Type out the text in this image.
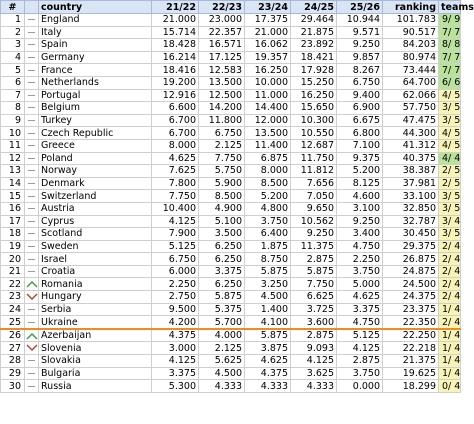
#		country	21/22	22/23	23/24	24/25	25/26	ranking	teams
1		England	21.000	23.000	17.375	29.464	10.944	101.783	9/ 9
2		Italy	15.714	22.357	21.000	21.875	9.571	90.517	7/ 7
3		Spain	18.428	16.571	16.062	23.892	9.250	84.203	8/ 8
4		Germany	16.214	17.125	19.357	18.421	9.857	80.974	7/ 7
5		France	18.416	12.583	16.250	17.928	8.267	73.444	7/ 7
6		Netherlands	19.200	13.500	10.000	15.250	6.750	64.700	6/ 6
7		Portugal	12.916	12.500	11.000	16.250	9.400	62.066	4/ 5
8		Belgium	6.600	14.200	14.400	15.650	6.900	57.750	3/ 5
9		Turkey	6.700	11.800	12.000	10.300	6.675	47.475	3/ 5
10		Czech Republic	6.700	6.750	13.500	10.550	6.800	44.300	4/ 5
11		Greece	8.000	2.125	11.400	12.687	7.100	41.312	4/ 5
12		Poland	4.625	7.750	6.875	11.750	9.375	40.375	4/ 4
13		Norway	7.625	5.750	8.000	11.812	5.200	38.387	2/ 5
14		Denmark	7.800	5.900	8.500	7.656	8.125	37.981	2/ 5
15		Switzerland	7.750	8.500	5.200	7.050	4.600	33.100	3/ 5
16		Austria	10.400	4.900	4.800	9.650	3.100	32.850	3/ 5
17		Cyprus	4.125	5.100	3.750	10.562	9.250	32.787	3/ 4
18		Scotland	7.900	3.500	6.400	9.250	3.400	30.450	3/ 5
19		Sweden	5.125	6.250	1.875	11.375	4.750	29.375	2/ 4
20		Israel	6.750	6.250	8.750	2.875	2.250	26.875	2/ 4
21		Croatia	6.000	3.375	5.875	5.875	3.750	24.875	2/ 4
22		Romania	2.250	6.250	3.250	7.750	5.000	24.500	2/ 4
23		Hungary	2.750	5.875	4.500	6.625	4.625	24.375	2/ 4
24		Serbia	9.500	5.375	1.400	3.725	3.375	23.375	1/ 4
25		Ukraine	4.200	5.700	4.100	3.600	4.750	22.350	2/ 4
26		Azerbaijan	4.375	4.000	5.875	2.875	5.125	22.250	1/ 4
27		Slovenia	3.000	2.125	3.875	9.093	4.125	22.218	1/ 4
28		Slovakia	4.125	5.625	4.625	4.125	2.875	21.375	1/ 4
29		Bulgaria	3.375	4.500	4.375	3.625	3.750	19.625	1/ 4
30		Russia	5.300	4.333	4.333	4.333	0.000	18.299	0/ 4
